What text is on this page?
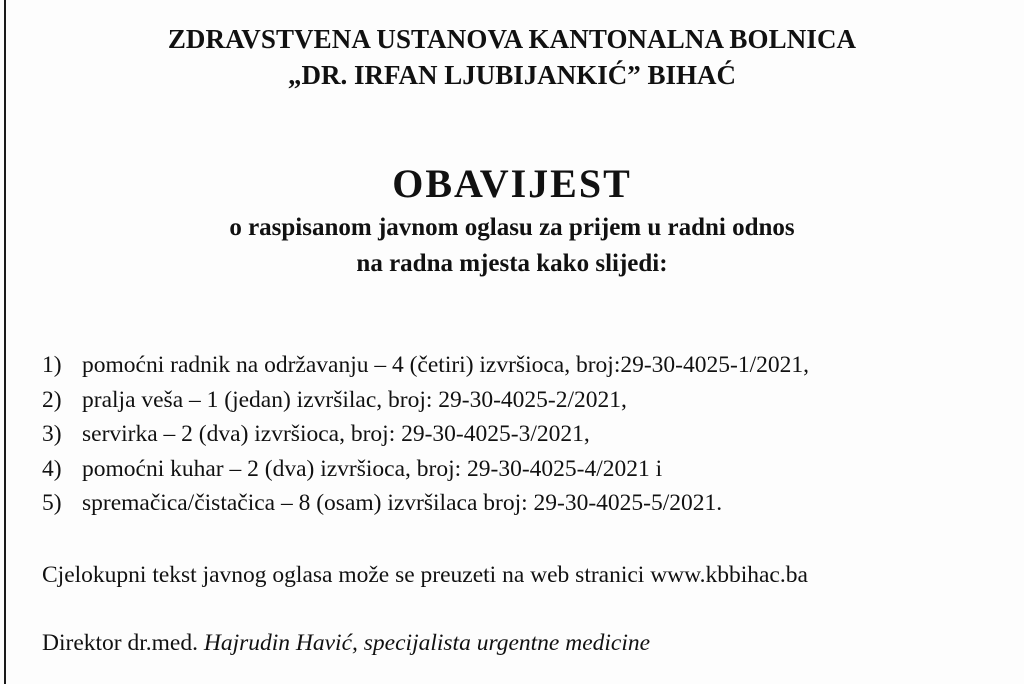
ZDRAVSTVENA USTANOVA KANTONALNA BOLNICA
„DR. IRFAN LJUBIJANKIĆ” BIHAĆ
OBAVIJEST
o raspisanom javnom oglasu za prijem u radni odnos
na radna mjesta kako slijedi:
1) pomoćni radnik na održavanju – 4 (četiri) izvršioca, broj:29-30-4025-1/2021,
2) pralja veša – 1 (jedan) izvršilac, broj: 29-30-4025-2/2021,
3) servirka – 2 (dva) izvršioca, broj: 29-30-4025-3/2021,
4) pomoćni kuhar – 2 (dva) izvršioca, broj: 29-30-4025-4/2021 i
5) spremačica/čistačica – 8 (osam) izvršilaca broj: 29-30-4025-5/2021.
Cjelokupni tekst javnog oglasa može se preuzeti na web stranici www.kbbihac.ba
Direktor dr.med. Hajrudin Havić, specijalista urgentne medicine
